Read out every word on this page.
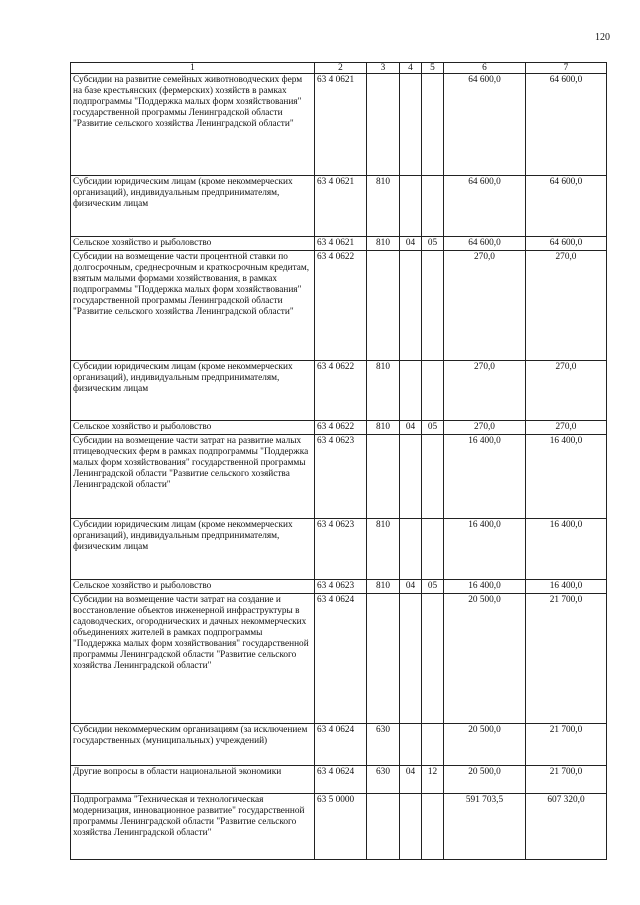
120
1	2	3	4	5	6	7
Субсидии на развитие семейных животноводческих ферм на базе крестьянских (фермерских) хозяйств в рамках подпрограммы "Поддержка малых форм хозяйствования" государственной программы Ленинградской области "Развитие сельского хозяйства Ленинградской области"	63 4 0621				64 600,0	64 600,0
Субсидии юридическим лицам (кроме некоммерческих организаций), индивидуальным предпринимателям, физическим лицам	63 4 0621	810			64 600,0	64 600,0
Сельское хозяйство и рыболовство	63 4 0621	810	04	05	64 600,0	64 600,0
Субсидии на возмещение части процентной ставки по долгосрочным, среднесрочным и краткосрочным кредитам, взятым малыми формами хозяйствования, в рамках подпрограммы "Поддержка малых форм хозяйствования" государственной программы Ленинградской области "Развитие сельского хозяйства Ленинградской области"	63 4 0622				270,0	270,0
Субсидии юридическим лицам (кроме некоммерческих организаций), индивидуальным предпринимателям, физическим лицам	63 4 0622	810			270,0	270,0
Сельское хозяйство и рыболовство	63 4 0622	810	04	05	270,0	270,0
Субсидии на возмещение части затрат на развитие малых птицеводческих ферм в рамках подпрограммы "Поддержка малых форм хозяйствования" государственной программы Ленинградской области "Развитие сельского хозяйства Ленинградской области"	63 4 0623				16 400,0	16 400,0
Субсидии юридическим лицам (кроме некоммерческих организаций), индивидуальным предпринимателям, физическим лицам	63 4 0623	810			16 400,0	16 400,0
Сельское хозяйство и рыболовство	63 4 0623	810	04	05	16 400,0	16 400,0
Субсидии на возмещение части затрат на создание и восстановление объектов инженерной инфраструктуры в садоводческих, огороднических и дачных некоммерческих объединениях жителей в рамках подпрограммы "Поддержка малых форм хозяйствования" государственной программы Ленинградской области "Развитие сельского хозяйства Ленинградской области"	63 4 0624				20 500,0	21 700,0
Субсидии некоммерческим организациям (за исключением государственных (муниципальных) учреждений)	63 4 0624	630			20 500,0	21 700,0
Другие вопросы в области национальной экономики	63 4 0624	630	04	12	20 500,0	21 700,0
Подпрограмма "Техническая и технологическая модернизация, инновационное развитие" государственной программы Ленинградской области "Развитие сельского хозяйства Ленинградской области"	63 5 0000				591 703,5	607 320,0
